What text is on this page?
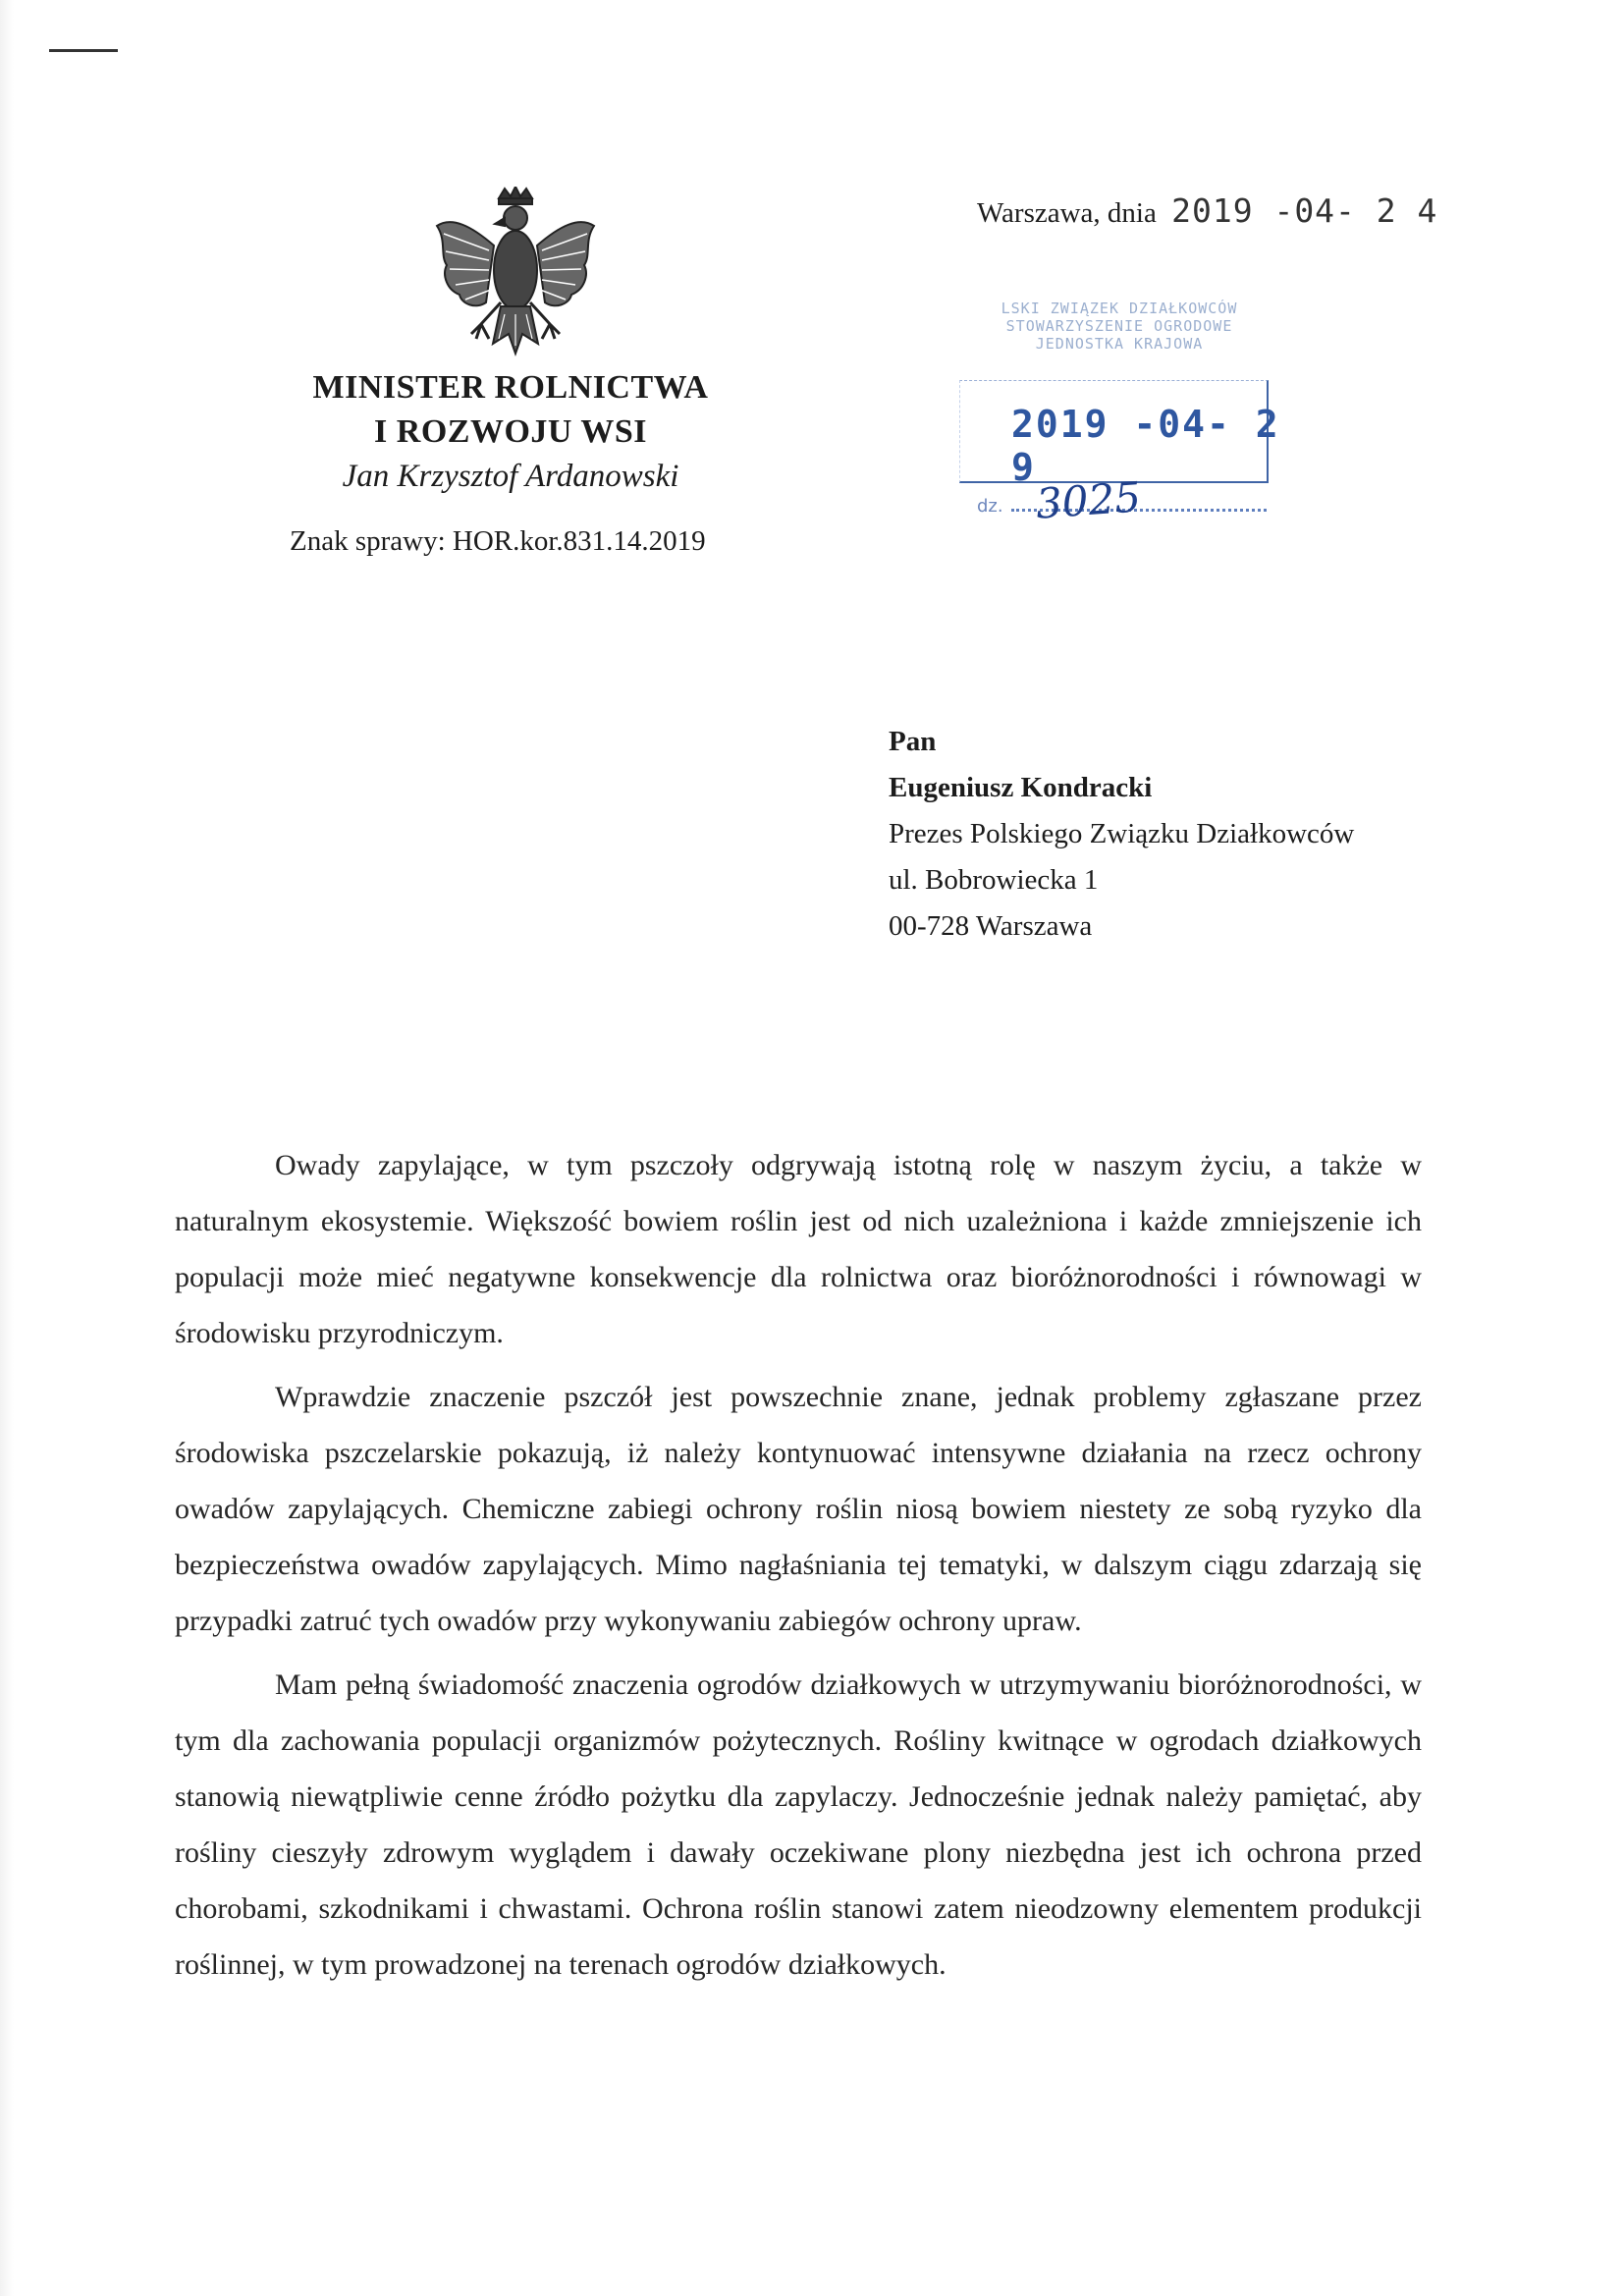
MINISTER ROLNICTWA
I ROZWOJU WSI
Jan Krzysztof Ardanowski
Znak sprawy: HOR.kor.831.14.2019
Warszawa, dnia 2019 -04- 2 4
LSKI ZWIĄZEK DZIAŁKOWCÓW
STOWARZYSZENIE OGRODOWE
JEDNOSTKA KRAJOWA
2019 -04- 2 9
dz. 3025
Pan
Eugeniusz Kondracki
Prezes Polskiego Związku Działkowców
ul. Bobrowiecka 1
00-728 Warszawa

Owady zapylające, w tym pszczoły odgrywają istotną rolę w naszym życiu, a także w naturalnym ekosystemie. Większość bowiem roślin jest od nich uzależniona i każde zmniejszenie ich populacji może mieć negatywne konsekwencje dla rolnictwa oraz bioróżnorodności i równowagi w środowisku przyrodniczym.

Wprawdzie znaczenie pszczół jest powszechnie znane, jednak problemy zgłaszane przez środowiska pszczelarskie pokazują, iż należy kontynuować intensywne działania na rzecz ochrony owadów zapylających. Chemiczne zabiegi ochrony roślin niosą bowiem niestety ze sobą ryzyko dla bezpieczeństwa owadów zapylających. Mimo nagłaśniania tej tematyki, w dalszym ciągu zdarzają się przypadki zatruć tych owadów przy wykonywaniu zabiegów ochrony upraw.

Mam pełną świadomość znaczenia ogrodów działkowych w utrzymywaniu bioróżnorodności, w tym dla zachowania populacji organizmów pożytecznych. Rośliny kwitnące w ogrodach działkowych stanowią niewątpliwie cenne źródło pożytku dla zapylaczy. Jednocześnie jednak należy pamiętać, aby rośliny cieszyły zdrowym wyglądem i dawały oczekiwane plony niezbędna jest ich ochrona przed chorobami, szkodnikami i chwastami. Ochrona roślin stanowi zatem nieodzowny elementem produkcji roślinnej, w tym prowadzonej na terenach ogrodów działkowych.
